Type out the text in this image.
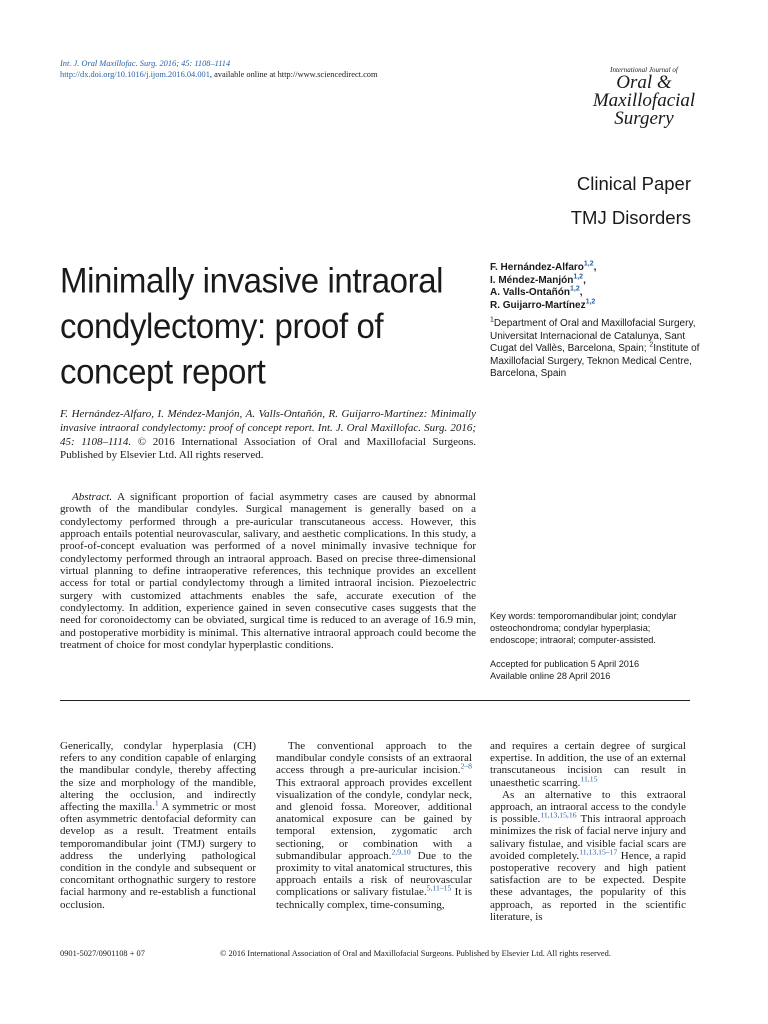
Int. J. Oral Maxillofac. Surg. 2016; 45: 1108–1114
http://dx.doi.org/10.1016/j.ijom.2016.04.001, available online at http://www.sciencedirect.com	International Journal of
Oral &
Maxillofacial
Surgery
Clinical Paper
TMJ Disorders
Minimally invasive intraoral condylectomy: proof of concept report
F. Hernández-Alfaro$^{1,2}$,
I. Méndez-Manjón$^{1,2}$,
A. Valls-Ontañón$^{1,2}$,
R. Guijarro-Martínez$^{1,2}$
$^1$Department of Oral and Maxillofacial Surgery, Universitat Internacional de Catalunya, Sant Cugat del Vallès, Barcelona, Spain; $^2$Institute of Maxillofacial Surgery, Teknon Medical Centre, Barcelona, Spain
F. Hernández-Alfaro, I. Méndez-Manjón, A. Valls-Ontañón, R. Guijarro-Martínez: Minimally invasive intraoral condylectomy: proof of concept report. Int. J. Oral Maxillofac. Surg. 2016; 45: 1108–1114. © 2016 International Association of Oral and Maxillofacial Surgeons. Published by Elsevier Ltd. All rights reserved.
Abstract. A significant proportion of facial asymmetry cases are caused by abnormal growth of the mandibular condyles. Surgical management is generally based on a condylectomy performed through a pre-auricular transcutaneous access. However, this approach entails potential neurovascular, salivary, and aesthetic complications. In this study, a proof-of-concept evaluation was performed of a novel minimally invasive technique for condylectomy performed through an intraoral approach. Based on precise three-dimensional virtual planning to define intraoperative references, this technique provides an excellent access for total or partial condylectomy through a limited intraoral incision. Piezoelectric surgery with customized attachments enables the safe, accurate execution of the condylectomy. In addition, experience gained in seven consecutive cases suggests that the need for coronoidectomy can be obviated, surgical time is reduced to an average of 16.9 min, and postoperative morbidity is minimal. This alternative intraoral approach could become the treatment of choice for most condylar hyperplastic conditions.
Key words: temporomandibular joint; condylar osteochondroma; condylar hyperplasia; endoscope; intraoral; computer-assisted.
Accepted for publication 5 April 2016
Available online 28 April 2016
Generically, condylar hyperplasia (CH) refers to any condition capable of enlarging the mandibular condyle, thereby affecting the size and morphology of the mandible, altering the occlusion, and indirectly affecting the maxilla.$^1$ A symmetric or most often asymmetric dentofacial deformity can develop as a result. Treatment entails temporomandibular joint (TMJ) surgery to address the underlying pathological condition in the condyle and subsequent or concomitant orthognathic surgery to restore facial harmony and re-establish a functional occlusion.
The conventional approach to the mandibular condyle consists of an extraoral access through a pre-auricular incision.$^{2-8}$ This extraoral approach provides excellent visualization of the condyle, condylar neck, and glenoid fossa. Moreover, additional anatomical exposure can be gained by temporal extension, zygomatic arch sectioning, or combination with a submandibular approach.$^{2,9,10}$ Due to the proximity to vital anatomical structures, this approach entails a risk of neurovascular complications or salivary fistulae.$^{5,11-15}$ It is technically complex, time-consuming,
and requires a certain degree of surgical expertise. In addition, the use of an external transcutaneous incision can result in unaesthetic scarring.$^{11,15}$
As an alternative to this extraoral approach, an intraoral access to the condyle is possible.$^{11,13,15,16}$ This intraoral approach minimizes the risk of facial nerve injury and salivary fistulae, and visible facial scars are avoided completely.$^{11,13,15-17}$ Hence, a rapid postoperative recovery and high patient satisfaction are to be expected. Despite these advantages, the popularity of this approach, as reported in the scientific literature, is
0901-5027/0901108 + 07	© 2016 International Association of Oral and Maxillofacial Surgeons. Published by Elsevier Ltd. All rights reserved.
